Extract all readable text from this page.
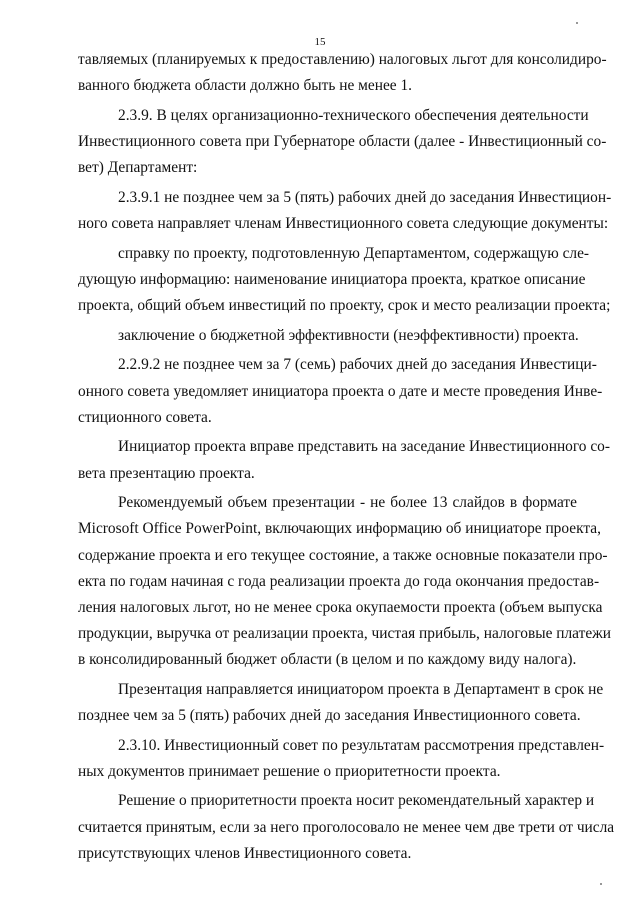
15
тавляемых (планируемых к предоставлению) налоговых льгот для консолидиро-
ванного бюджета области должно быть не менее 1.
2.3.9. В целях организационно-технического обеспечения деятельности
Инвестиционного совета при Губернаторе области (далее - Инвестиционный со-
вет) Департамент:
2.3.9.1 не позднее чем за 5 (пять) рабочих дней до заседания Инвестицион-
ного совета направляет членам Инвестиционного совета следующие документы:
справку по проекту, подготовленную Департаментом, содержащую сле-
дующую информацию: наименование инициатора проекта, краткое описание
проекта, общий объем инвестиций по проекту, срок и место реализации проекта;
заключение о бюджетной эффективности (неэффективности) проекта.
2.2.9.2 не позднее чем за 7 (семь) рабочих дней до заседания Инвестици-
онного совета уведомляет инициатора проекта о дате и месте проведения Инве-
стиционного совета.
Инициатор проекта вправе представить на заседание Инвестиционного со-
вета презентацию проекта.
Рекомендуемый объем презентации - не более 13 слайдов в формате
Microsoft Office PowerPoint, включающих информацию об инициаторе проекта,
содержание проекта и его текущее состояние, а также основные показатели про-
екта по годам начиная с года реализации проекта до года окончания предостав-
ления налоговых льгот, но не менее срока окупаемости проекта (объем выпуска
продукции, выручка от реализации проекта, чистая прибыль, налоговые платежи
в консолидированный бюджет области (в целом и по каждому виду налога).
Презентация направляется инициатором проекта в Департамент в срок не
позднее чем за 5 (пять) рабочих дней до заседания Инвестиционного совета.
2.3.10. Инвестиционный совет по результатам рассмотрения представлен-
ных документов принимает решение о приоритетности проекта.
Решение о приоритетности проекта носит рекомендательный характер и
считается принятым, если за него проголосовало не менее чем две трети от числа
присутствующих членов Инвестиционного совета.
